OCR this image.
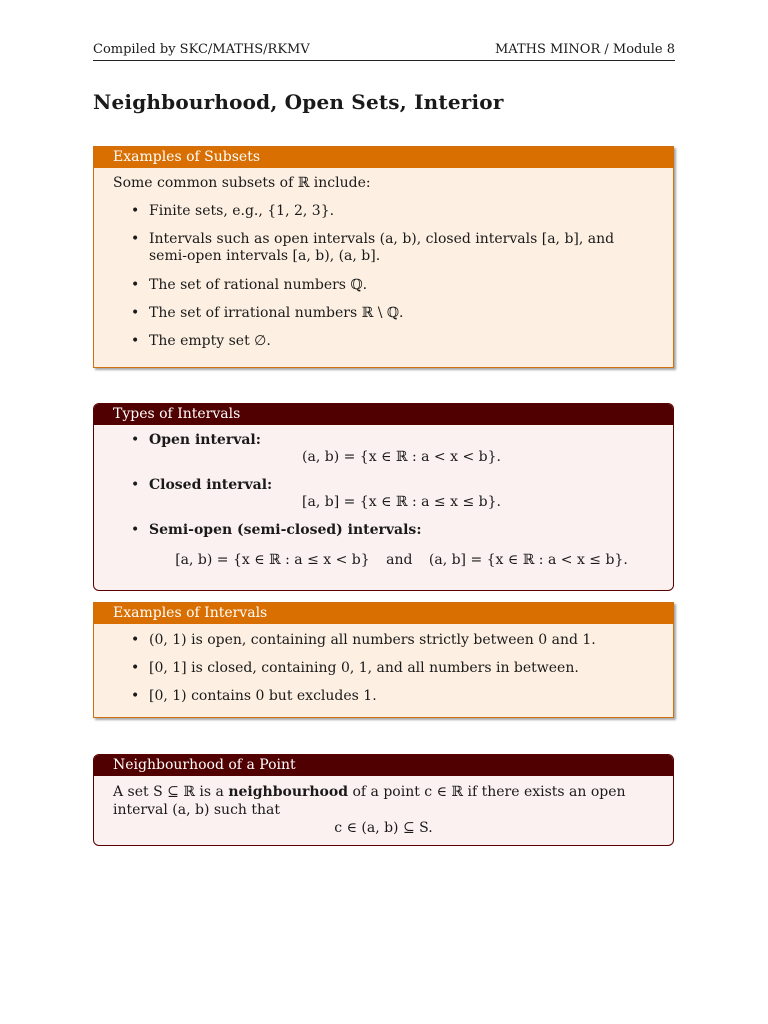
Compiled by SKC/MATHS/RKMV	MATHS MINOR / Module 8
Neighbourhood, Open Sets, Interior
Examples of Subsets
Some common subsets of ℝ include:
• Finite sets, e.g., {1, 2, 3}.
• Intervals such as open intervals (a, b), closed intervals [a, b], and semi-open intervals [a, b), (a, b].
• The set of rational numbers ℚ.
• The set of irrational numbers ℝ \ ℚ.
• The empty set ∅.
Types of Intervals
• Open interval:
(a, b) = {x ∈ ℝ : a < x < b}.
• Closed interval:
[a, b] = {x ∈ ℝ : a ≤ x ≤ b}.
• Semi-open (semi-closed) intervals:
[a, b) = {x ∈ ℝ : a ≤ x < b} and (a, b] = {x ∈ ℝ : a < x ≤ b}.
Examples of Intervals
• (0, 1) is open, containing all numbers strictly between 0 and 1.
• [0, 1] is closed, containing 0, 1, and all numbers in between.
• [0, 1) contains 0 but excludes 1.
Neighbourhood of a Point
A set S ⊆ ℝ is a neighbourhood of a point c ∈ ℝ if there exists an open interval (a, b) such that
c ∈ (a, b) ⊆ S.
